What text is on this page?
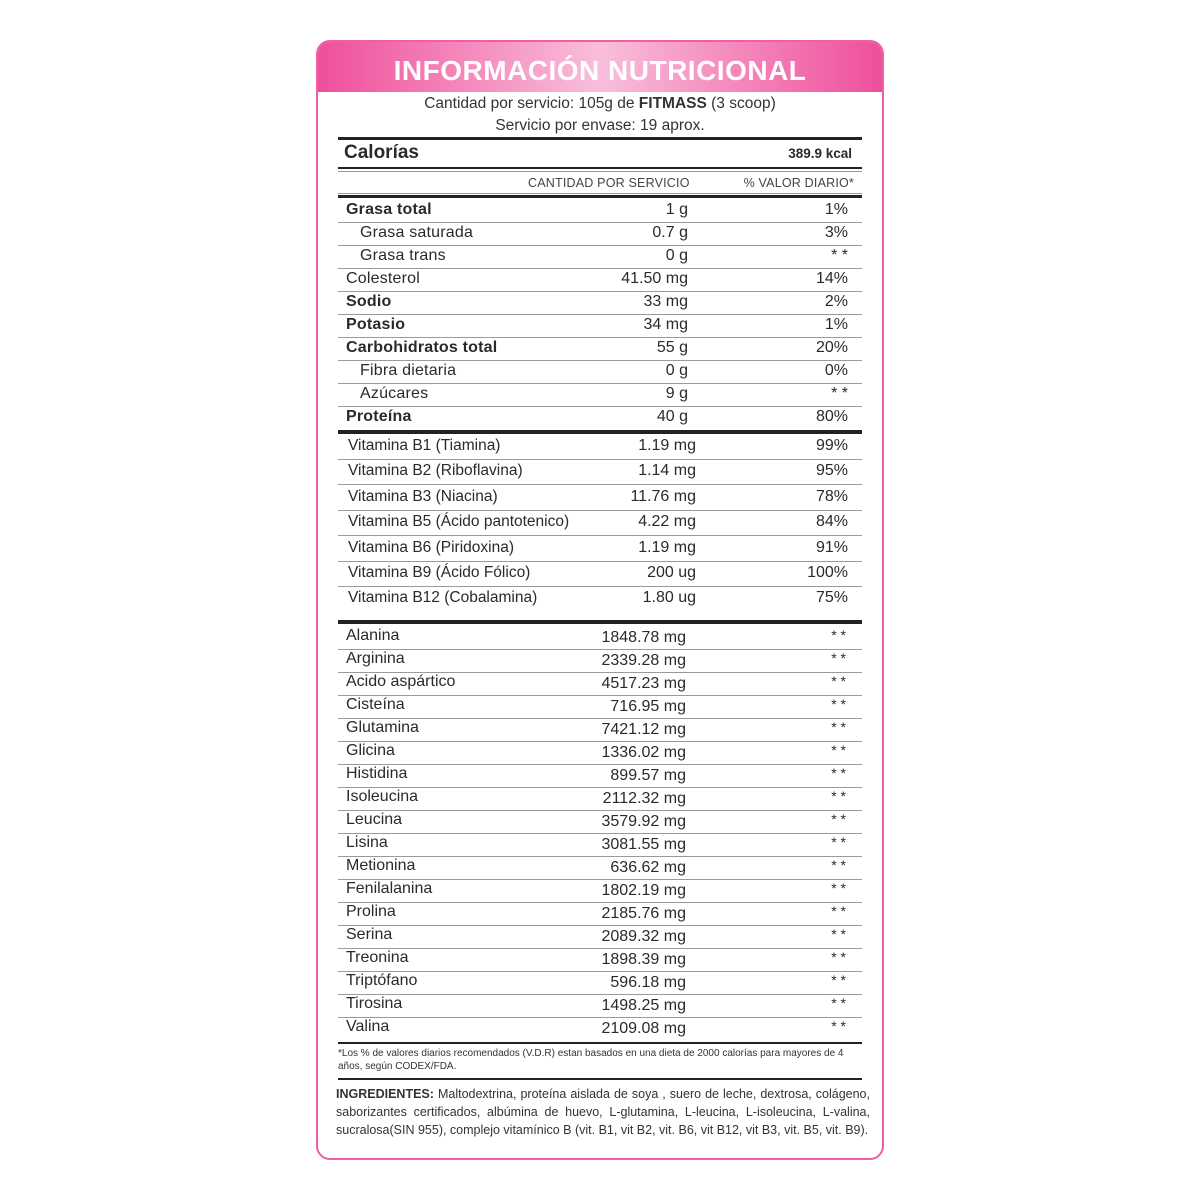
INFORMACIÓN NUTRICIONAL
Cantidad por servicio: 105g de FITMASS (3 scoop)
Servicio por envase: 19 aprox.
Calorías	389.9 kcal
CANTIDAD POR SERVICIO	% VALOR DIARIO*
Grasa total	1 g	1%
Grasa saturada	0.7 g	3%
Grasa trans	0 g	* *
Colesterol	41.50 mg	14%
Sodio	33 mg	2%
Potasio	34 mg	1%
Carbohidratos total	55 g	20%
Fibra dietaria	0 g	0%
Azúcares	9 g	* *
Proteína	40 g	80%
Vitamina B1 (Tiamina)	1.19 mg	99%
Vitamina B2 (Riboflavina)	1.14 mg	95%
Vitamina B3 (Niacina)	11.76 mg	78%
Vitamina B5 (Ácido pantotenico)	4.22 mg	84%
Vitamina B6 (Piridoxina)	1.19 mg	91%
Vitamina B9 (Ácido Fólico)	200 ug	100%
Vitamina B12 (Cobalamina)	1.80 ug	75%
Alanina	1848.78 mg	* *
Arginina	2339.28 mg	* *
Acido aspártico	4517.23 mg	* *
Cisteína	716.95 mg	* *
Glutamina	7421.12 mg	* *
Glicina	1336.02 mg	* *
Histidina	899.57 mg	* *
Isoleucina	2112.32 mg	* *
Leucina	3579.92 mg	* *
Lisina	3081.55 mg	* *
Metionina	636.62 mg	* *
Fenilalanina	1802.19 mg	* *
Prolina	2185.76 mg	* *
Serina	2089.32 mg	* *
Treonina	1898.39 mg	* *
Triptófano	596.18 mg	* *
Tirosina	1498.25 mg	* *
Valina	2109.08 mg	* *
*Los % de valores diarios recomendados (V.D.R) estan basados en una dieta de 2000 calorías para mayores de 4 años, según CODEX/FDA.
INGREDIENTES: Maltodextrina, proteína aislada de soya , suero de leche, dextrosa, colágeno, saborizantes certificados, albúmina de huevo, L-glutamina, L-leucina, L-isoleucina, L-valina, sucralosa(SIN 955), complejo vitamínico B (vit. B1, vit B2, vit. B6, vit B12, vit B3, vit. B5, vit. B9).
